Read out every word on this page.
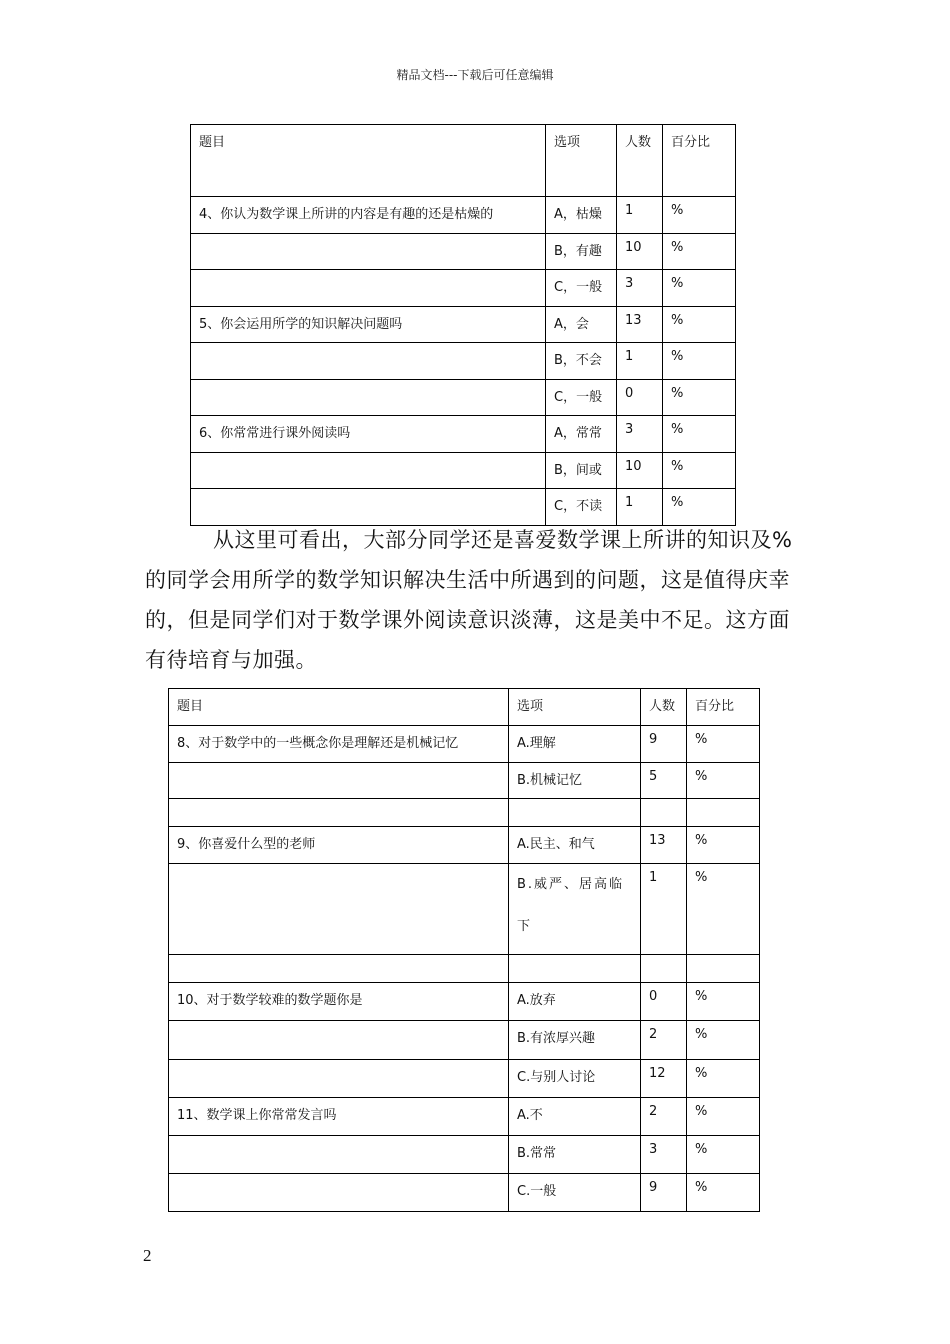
精品文档---下载后可任意编辑
题目	选项	人数	百分比
4、你认为数学课上所讲的内容是有趣的还是枯燥的	A，枯燥	1	%
	B，有趣	10	%
	C，一般	3	%
5、你会运用所学的知识解决问题吗	A，会	13	%
	B，不会	1	%
	C，一般	0	%
6、你常常进行课外阅读吗	A，常常	3	%
	B，间或	10	%
	C，不读	1	%
从这里可看出，大部分同学还是喜爱数学课上所讲的知识及%的同学会用所学的数学知识解决生活中所遇到的问题，这是值得庆幸的，但是同学们对于数学课外阅读意识淡薄，这是美中不足。这方面有待培育与加强。
题目	选项	人数	百分比
8、对于数学中的一些概念你是理解还是机械记忆	A.理解	9	%
	B.机械记忆	5	%

9、你喜爱什么型的老师	A.民主、和气	13	%
	B.威严、居高临下	1	%

10、对于数学较难的数学题你是	A.放弃	0	%
	B.有浓厚兴趣	2	%
	C.与别人讨论	12	%
11、数学课上你常常发言吗	A.不	2	%
	B.常常	3	%
	C.一般	9	%
2
